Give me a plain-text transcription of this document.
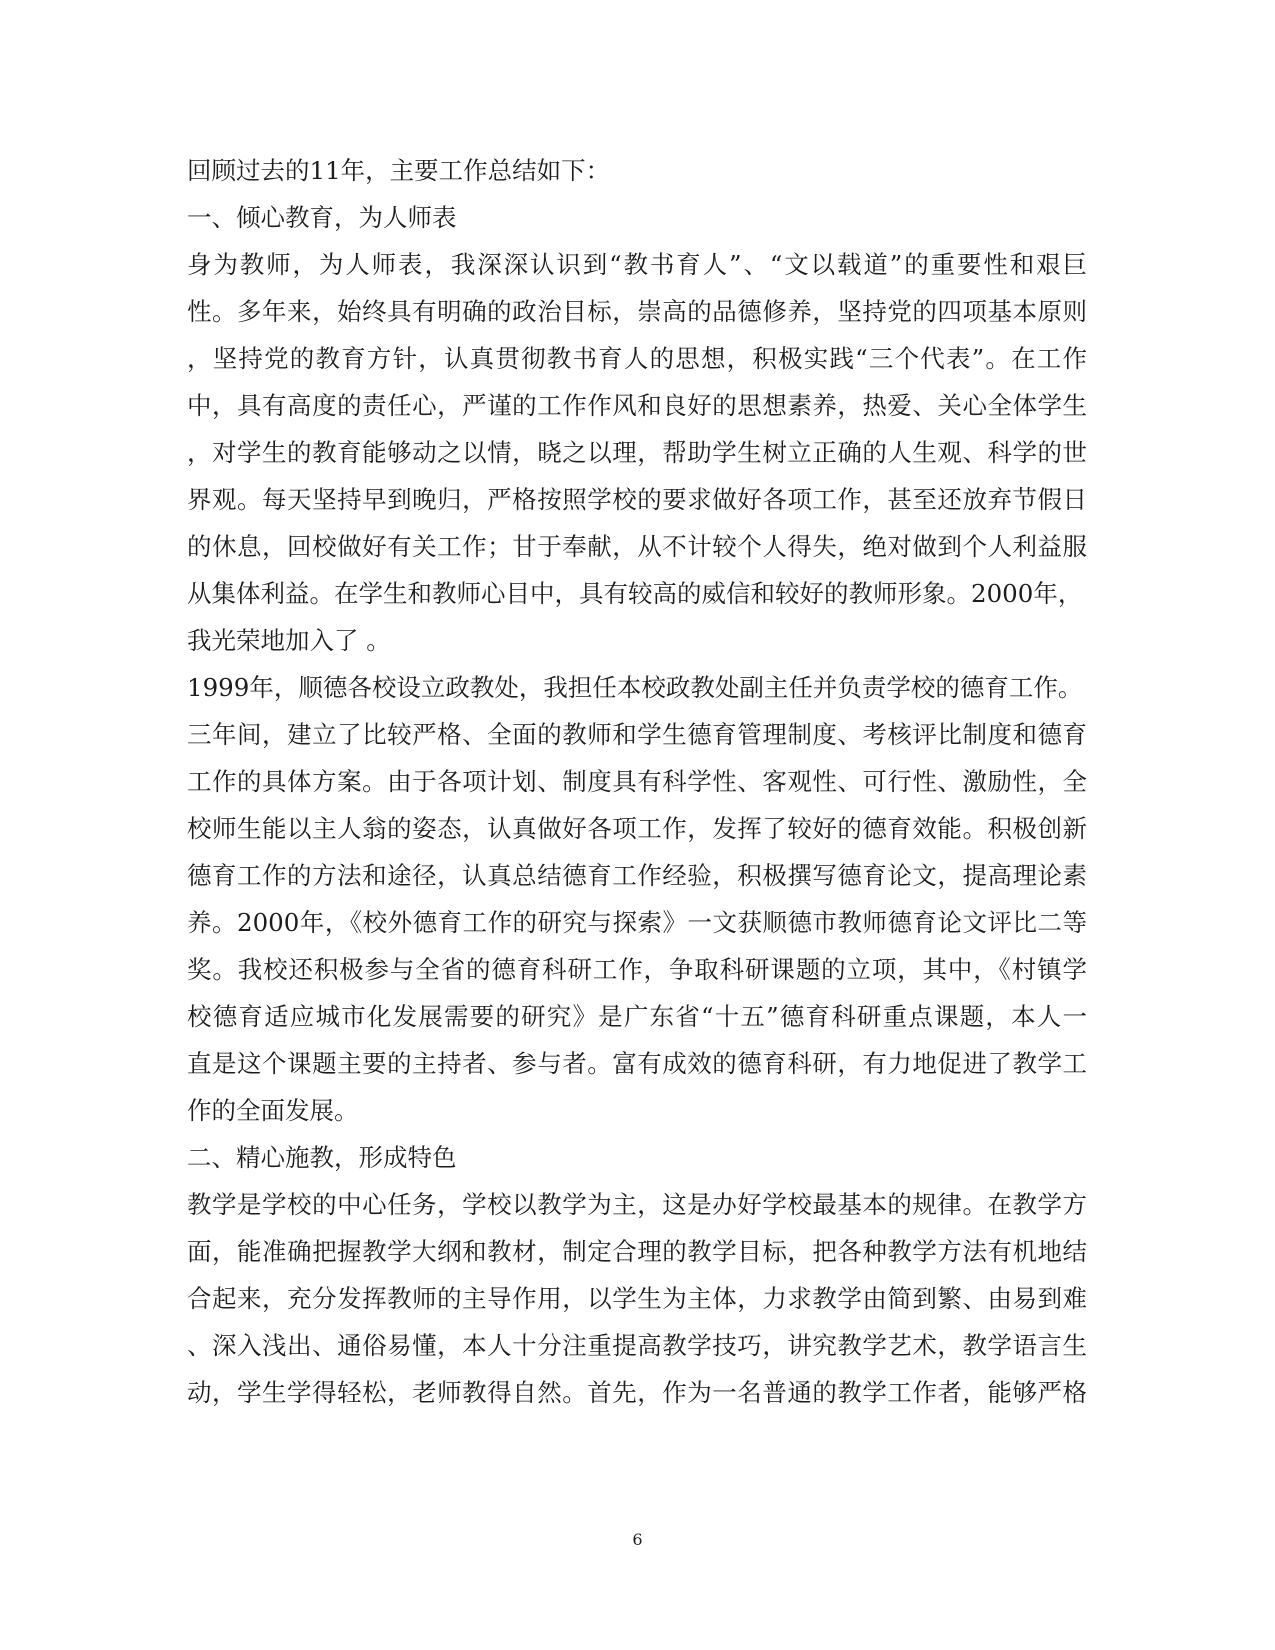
回顾过去的11年，主要工作总结如下：
一、倾心教育，为人师表
身为教师，为人师表，我深深认识到“教书育人”、“文以载道”的重要性和艰巨
性。多年来，始终具有明确的政治目标，崇高的品德修养，坚持党的四项基本原则
，坚持党的教育方针，认真贯彻教书育人的思想，积极实践“三个代表”。在工作
中，具有高度的责任心，严谨的工作作风和良好的思想素养，热爱、关心全体学生
，对学生的教育能够动之以情，晓之以理，帮助学生树立正确的人生观、科学的世
界观。每天坚持早到晚归，严格按照学校的要求做好各项工作，甚至还放弃节假日
的休息，回校做好有关工作；甘于奉献，从不计较个人得失，绝对做到个人利益服
从集体利益。在学生和教师心目中，具有较高的威信和较好的教师形象。2000年，
我光荣地加入了 。
1999年，顺德各校设立政教处，我担任本校政教处副主任并负责学校的德育工作。
三年间，建立了比较严格、全面的教师和学生德育管理制度、考核评比制度和德育
工作的具体方案。由于各项计划、制度具有科学性、客观性、可行性、激励性，全
校师生能以主人翁的姿态，认真做好各项工作，发挥了较好的德育效能。积极创新
德育工作的方法和途径，认真总结德育工作经验，积极撰写德育论文，提高理论素
养。2000年，《校外德育工作的研究与探索》一文获顺德市教师德育论文评比二等
奖。我校还积极参与全省的德育科研工作，争取科研课题的立项，其中，《村镇学
校德育适应城市化发展需要的研究》是广东省“十五”德育科研重点课题，本人一
直是这个课题主要的主持者、参与者。富有成效的德育科研，有力地促进了教学工
作的全面发展。
二、精心施教，形成特色
教学是学校的中心任务，学校以教学为主，这是办好学校最基本的规律。在教学方
面，能准确把握教学大纲和教材，制定合理的教学目标，把各种教学方法有机地结
合起来，充分发挥教师的主导作用，以学生为主体，力求教学由简到繁、由易到难
、深入浅出、通俗易懂，本人十分注重提高教学技巧，讲究教学艺术，教学语言生
动，学生学得轻松，老师教得自然。首先，作为一名普通的教学工作者，能够严格
6
